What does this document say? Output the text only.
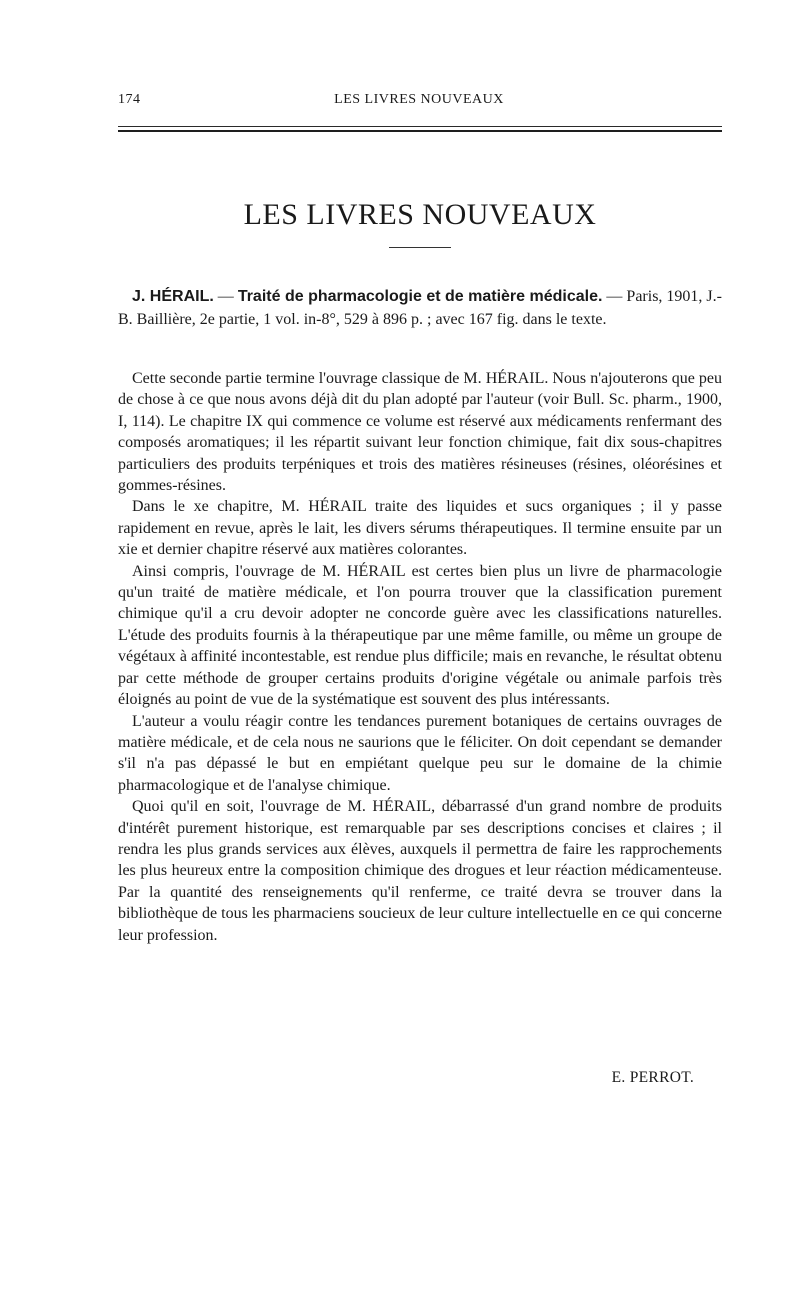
174	LES LIVRES NOUVEAUX
LES LIVRES NOUVEAUX

J. HÉRAIL. — Traité de pharmacologie et de matière médicale. — Paris, 1901, J.-B. Baillière, 2e partie, 1 vol. in-8°, 529 à 896 p. ; avec 167 fig. dans le texte.

Cette seconde partie termine l'ouvrage classique de M. HÉRAIL. Nous n'ajouterons que peu de chose à ce que nous avons déjà dit du plan adopté par l'auteur (voir Bull. Sc. pharm., 1900, I, 114). Le chapitre IX qui commence ce volume est réservé aux médicaments renfermant des composés aromatiques; il les répartit suivant leur fonction chimique, fait dix sous-chapitres particuliers des produits terpéniques et trois des matières résineuses (résines, oléorésines et gommes-résines.

Dans le xe chapitre, M. HÉRAIL traite des liquides et sucs organiques ; il y passe rapidement en revue, après le lait, les divers sérums thérapeutiques. Il termine ensuite par un xie et dernier chapitre réservé aux matières colorantes.

Ainsi compris, l'ouvrage de M. HÉRAIL est certes bien plus un livre de pharmacologie qu'un traité de matière médicale, et l'on pourra trouver que la classification purement chimique qu'il a cru devoir adopter ne concorde guère avec les classifications naturelles. L'étude des produits fournis à la thérapeutique par une même famille, ou même un groupe de végétaux à affinité incontestable, est rendue plus difficile; mais en revanche, le résultat obtenu par cette méthode de grouper certains produits d'origine végétale ou animale parfois très éloignés au point de vue de la systématique est souvent des plus intéressants.

L'auteur a voulu réagir contre les tendances purement botaniques de certains ouvrages de matière médicale, et de cela nous ne saurions que le féliciter. On doit cependant se demander s'il n'a pas dépassé le but en empiétant quelque peu sur le domaine de la chimie pharmacologique et de l'analyse chimique.

Quoi qu'il en soit, l'ouvrage de M. HÉRAIL, débarrassé d'un grand nombre de produits d'intérêt purement historique, est remarquable par ses descriptions concises et claires ; il rendra les plus grands services aux élèves, auxquels il permettra de faire les rapprochements les plus heureux entre la composition chimique des drogues et leur réaction médicamenteuse. Par la quantité des renseignements qu'il renferme, ce traité devra se trouver dans la bibliothèque de tous les pharmaciens soucieux de leur culture intellectuelle en ce qui concerne leur profession.

E. PERROT.
